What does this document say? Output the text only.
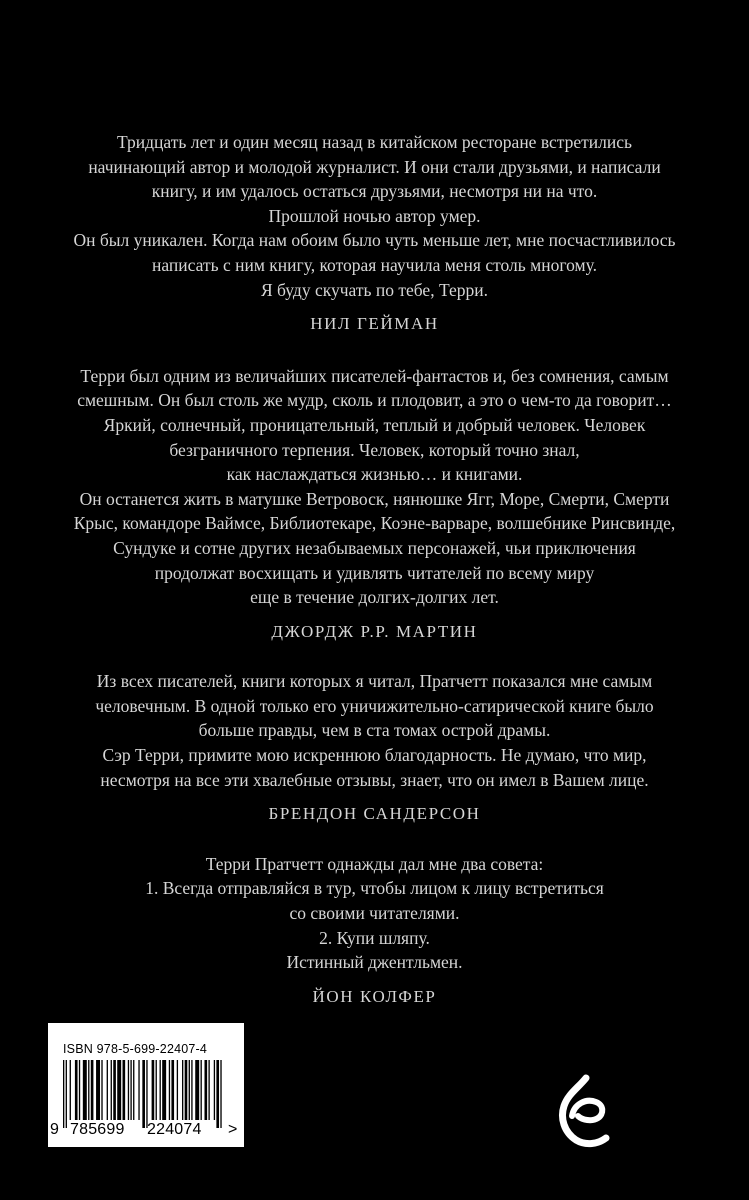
Тридцать лет и один месяц назад в китайском ресторане встретились
начинающий автор и молодой журналист. И они стали друзьями, и написали
книгу, и им удалось остаться друзьями, несмотря ни на что.
Прошлой ночью автор умер.
Он был уникален. Когда нам обоим было чуть меньше лет, мне посчастливилось
написать с ним книгу, которая научила меня столь многому.
Я буду скучать по тебе, Терри.
НИЛ ГЕЙМАН
Терри был одним из величайших писателей-фантастов и, без сомнения, самым
смешным. Он был столь же мудр, сколь и плодовит, а это о чем-то да говорит…
Яркий, солнечный, проницательный, теплый и добрый человек. Человек
безграничного терпения. Человек, который точно знал,
как наслаждаться жизнью… и книгами.
Он останется жить в матушке Ветровоск, нянюшке Ягг, Море, Смерти, Смерти
Крыс, командоре Ваймсе, Библиотекаре, Коэне-варваре, волшебнике Ринсвинде,
Сундуке и сотне других незабываемых персонажей, чьи приключения
продолжат восхищать и удивлять читателей по всему миру
еще в течение долгих-долгих лет.
ДЖОРДЖ Р.Р. МАРТИН
Из всех писателей, книги которых я читал, Пратчетт показался мне самым
человечным. В одной только его уничижительно-сатирической книге было
больше правды, чем в ста томах острой драмы.
Сэр Терри, примите мою искреннюю благодарность. Не думаю, что мир,
несмотря на все эти хвалебные отзывы, знает, что он имел в Вашем лице.
БРЕНДОН САНДЕРСОН
Терри Пратчетт однажды дал мне два совета:
1. Всегда отправляйся в тур, чтобы лицом к лицу встретиться
со своими читателями.
2. Купи шляпу.
Истинный джентльмен.
ЙОН КОЛФЕР
ISBN 978-5-699-22407-4
9 785699 224074 >
